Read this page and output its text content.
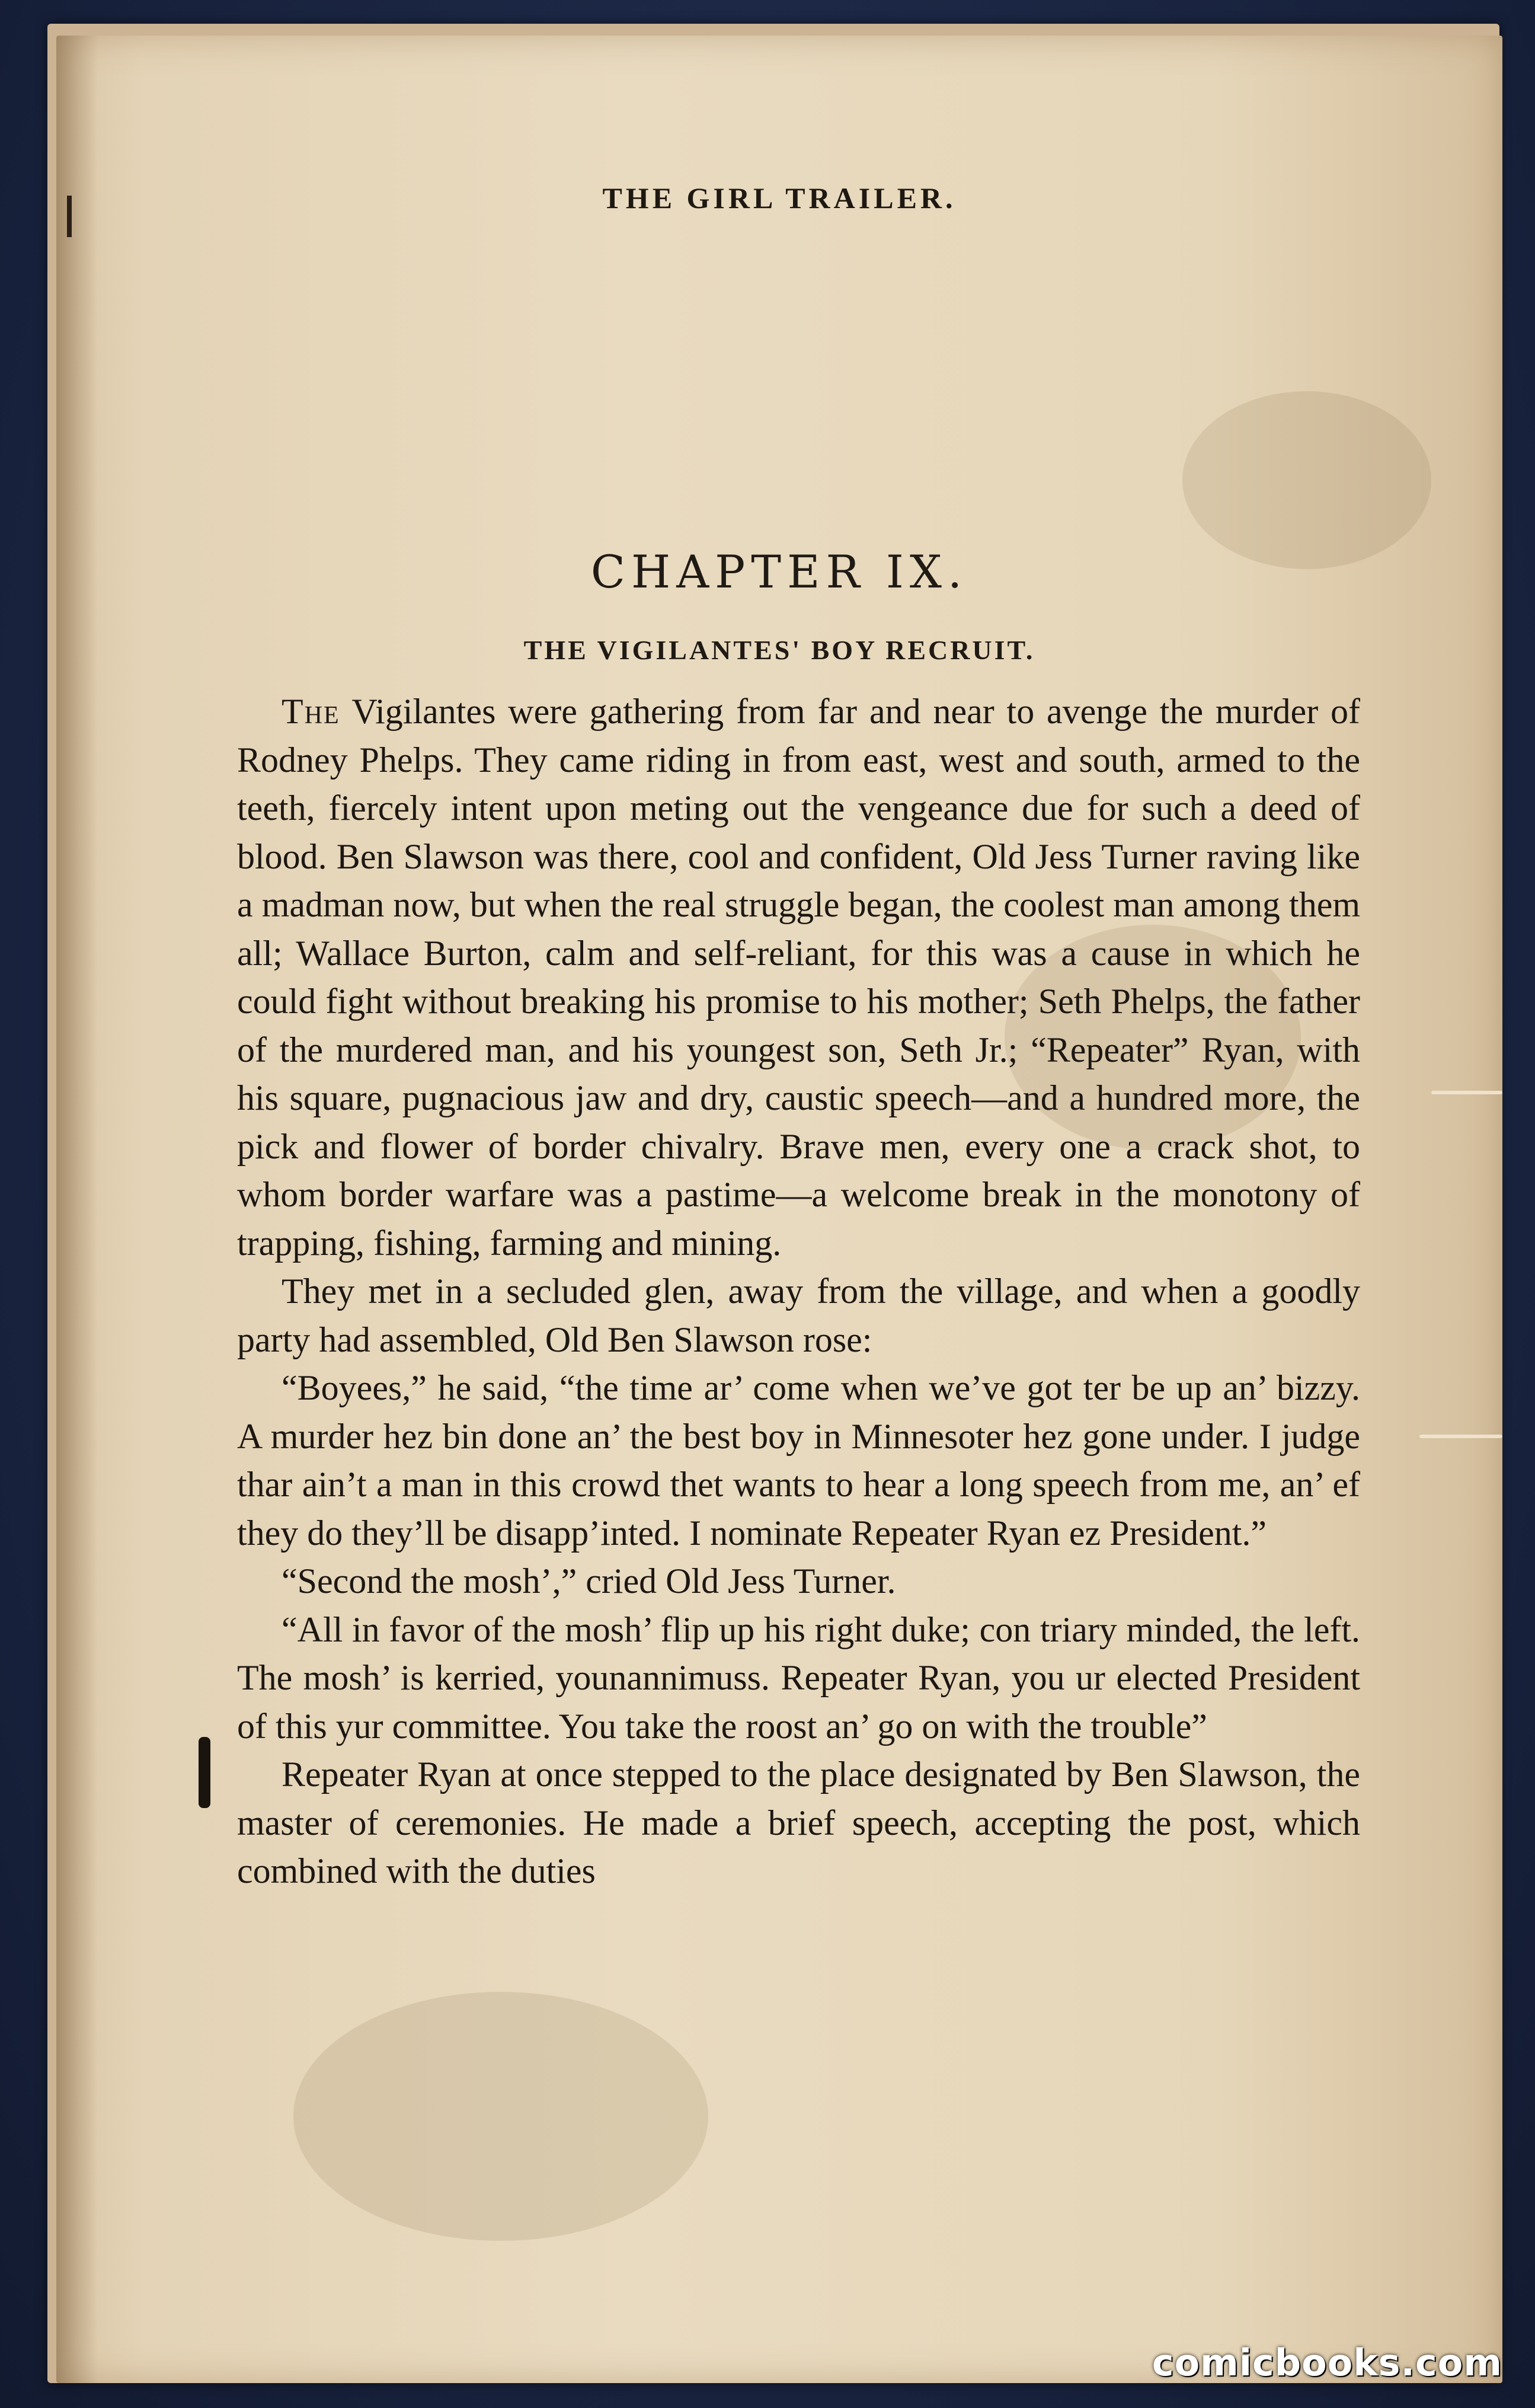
THE GIRL TRAILER.
CHAPTER IX.
THE VIGILANTES' BOY RECRUIT.

The Vigilantes were gathering from far and near to avenge the murder of Rodney Phelps. They came riding in from east, west and south, armed to the teeth, fiercely intent upon meting out the vengeance due for such a deed of blood. Ben Slawson was there, cool and confident, Old Jess Turner raving like a madman now, but when the real struggle began, the coolest man among them all; Wallace Burton, calm and self-reliant, for this was a cause in which he could fight without breaking his promise to his mother; Seth Phelps, the father of the murdered man, and his youngest son, Seth Jr.; “Repeater” Ryan, with his square, pugnacious jaw and dry, caustic speech—and a hundred more, the pick and flower of border chivalry. Brave men, every one a crack shot, to whom border warfare was a pastime—a welcome break in the monotony of trapping, fishing, farming and mining.

They met in a secluded glen, away from the village, and when a goodly party had assembled, Old Ben Slawson rose:

“Boyees,” he said, “the time ar’ come when we’ve got ter be up an’ bizzy. A murder hez bin done an’ the best boy in Minnesoter hez gone under. I judge thar ain’t a man in this crowd thet wants to hear a long speech from me, an’ ef they do they’ll be disapp’inted. I nominate Repeater Ryan ez President.”

“Second the mosh’,” cried Old Jess Turner.

“All in favor of the mosh’ flip up his right duke; con triary minded, the left. The mosh’ is kerried, younannimuss. Repeater Ryan, you ur elected President of this yur committee. You take the roost an’ go on with the trouble”

Repeater Ryan at once stepped to the place designated by Ben Slawson, the master of ceremonies. He made a brief speech, accepting the post, which combined with the duties

comicbooks.com
